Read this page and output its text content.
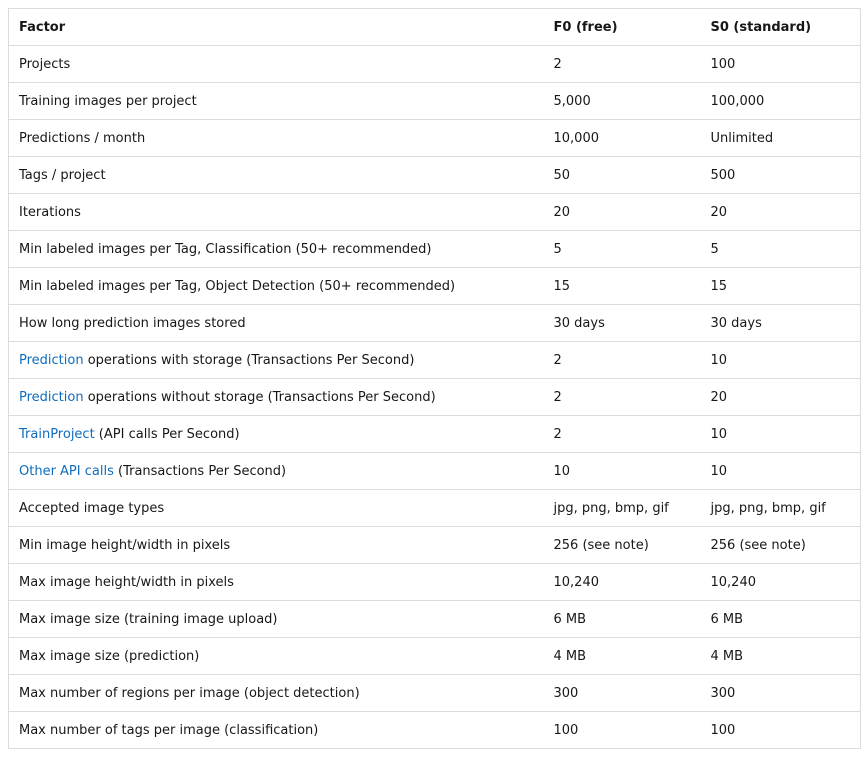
Factor	F0 (free)	S0 (standard)
Projects	2	100
Training images per project	5,000	100,000
Predictions / month	10,000	Unlimited
Tags / project	50	500
Iterations	20	20
Min labeled images per Tag, Classification (50+ recommended)	5	5
Min labeled images per Tag, Object Detection (50+ recommended)	15	15
How long prediction images stored	30 days	30 days
Prediction operations with storage (Transactions Per Second)	2	10
Prediction operations without storage (Transactions Per Second)	2	20
TrainProject (API calls Per Second)	2	10
Other API calls (Transactions Per Second)	10	10
Accepted image types	jpg, png, bmp, gif	jpg, png, bmp, gif
Min image height/width in pixels	256 (see note)	256 (see note)
Max image height/width in pixels	10,240	10,240
Max image size (training image upload)	6 MB	6 MB
Max image size (prediction)	4 MB	4 MB
Max number of regions per image (object detection)	300	300
Max number of tags per image (classification)	100	100
